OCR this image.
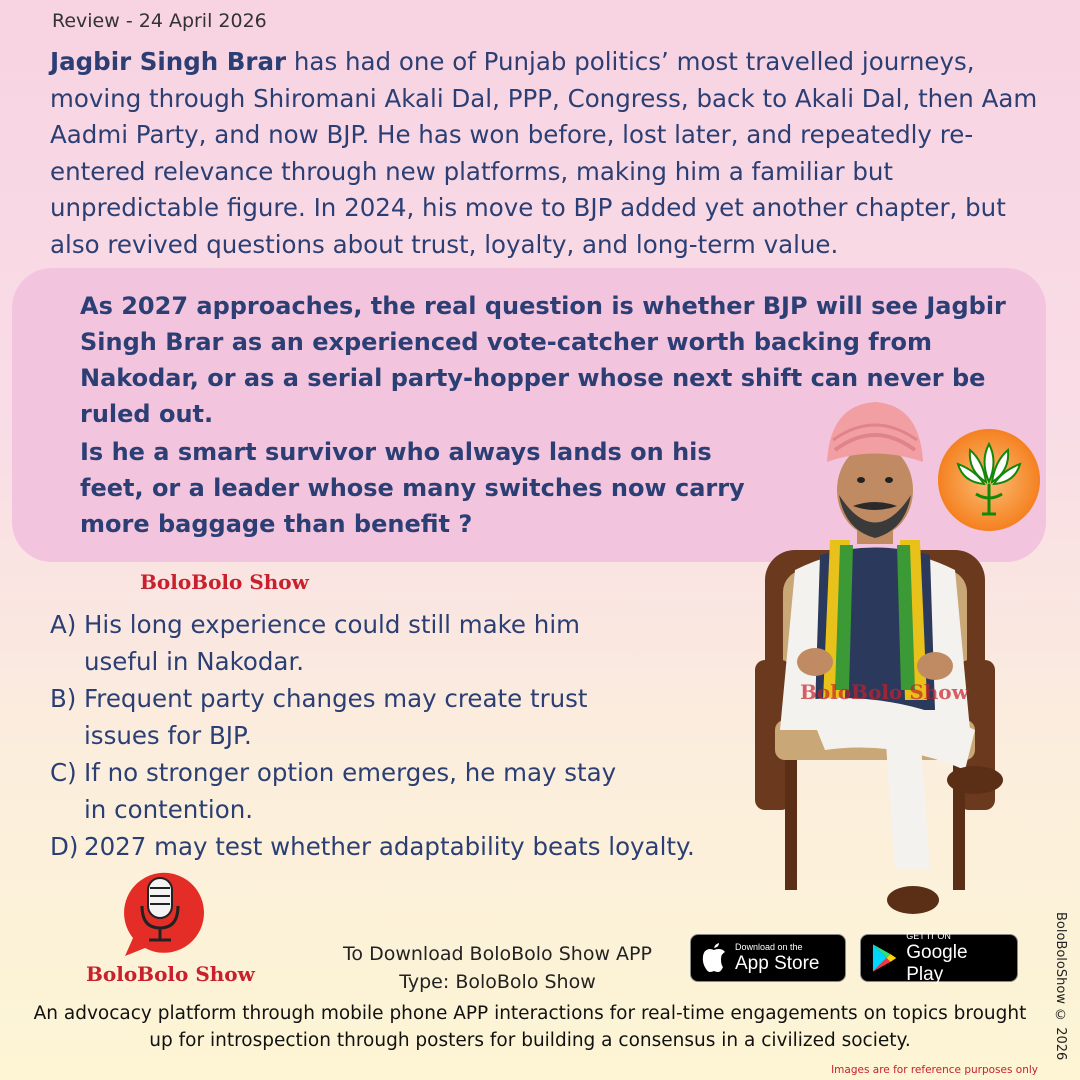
Review - 24 April 2026
Jagbir Singh Brar has had one of Punjab politics’ most travelled journeys, moving through Shiromani Akali Dal, PPP, Congress, back to Akali Dal, then Aam Aadmi Party, and now BJP. He has won before, lost later, and repeatedly re-entered relevance through new platforms, making him a familiar but unpredictable figure. In 2024, his move to BJP added yet another chapter, but also revived questions about trust, loyalty, and long-term value.
As 2027 approaches, the real question is whether BJP will see Jagbir Singh Brar as an experienced vote-catcher worth backing from Nakodar, or as a serial party-hopper whose next shift can never be ruled out.
Is he a smart survivor who always lands on his feet, or a leader whose many switches now carry more baggage than benefit ?
BoloBolo Show
A) His long experience could still make him useful in Nakodar.
B) Frequent party changes may create trust issues for BJP.
C) If no stronger option emerges, he may stay in contention.
D) 2027 may test whether adaptability beats loyalty.
BoloBolo Show
BoloBolo Show
To Download BoloBolo Show APP
Type: BoloBolo Show
Download on the
App Store
GET IT ON
Google Play
An advocacy platform through mobile phone APP interactions for real-time engagements on topics brought up for introspection through posters for building a consensus in a civilized society.	BoloBoloShow © 2026
Images are for reference purposes only
